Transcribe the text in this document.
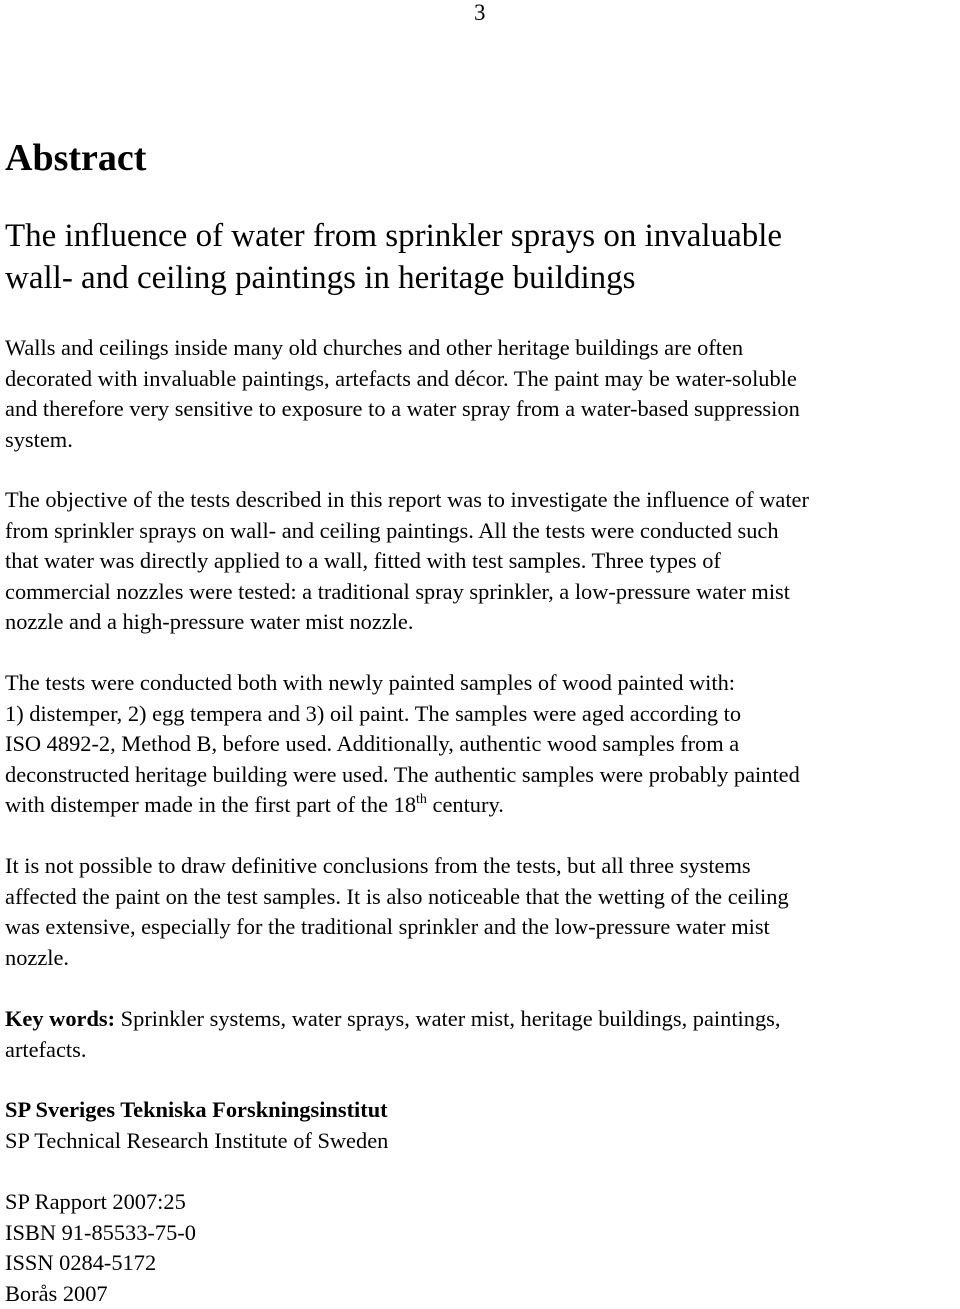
3
Abstract
The influence of water from sprinkler sprays on invaluable
wall- and ceiling paintings in heritage buildings

Walls and ceilings inside many old churches and other heritage buildings are often
decorated with invaluable paintings, artefacts and décor. The paint may be water-soluble
and therefore very sensitive to exposure to a water spray from a water-based suppression
system.

The objective of the tests described in this report was to investigate the influence of water
from sprinkler sprays on wall- and ceiling paintings. All the tests were conducted such
that water was directly applied to a wall, fitted with test samples. Three types of
commercial nozzles were tested: a traditional spray sprinkler, a low-pressure water mist
nozzle and a high-pressure water mist nozzle.

The tests were conducted both with newly painted samples of wood painted with:
1) distemper, 2) egg tempera and 3) oil paint. The samples were aged according to
ISO 4892-2, Method B, before used. Additionally, authentic wood samples from a
deconstructed heritage building were used. The authentic samples were probably painted
with distemper made in the first part of the 18th century.

It is not possible to draw definitive conclusions from the tests, but all three systems
affected the paint on the test samples. It is also noticeable that the wetting of the ceiling
was extensive, especially for the traditional sprinkler and the low-pressure water mist
nozzle.

Key words: Sprinkler systems, water sprays, water mist, heritage buildings, paintings,
artefacts.

SP Sveriges Tekniska Forskningsinstitut
SP Technical Research Institute of Sweden
SP Rapport 2007:25
ISBN 91-85533-75-0
ISSN 0284-5172
Borås 2007
